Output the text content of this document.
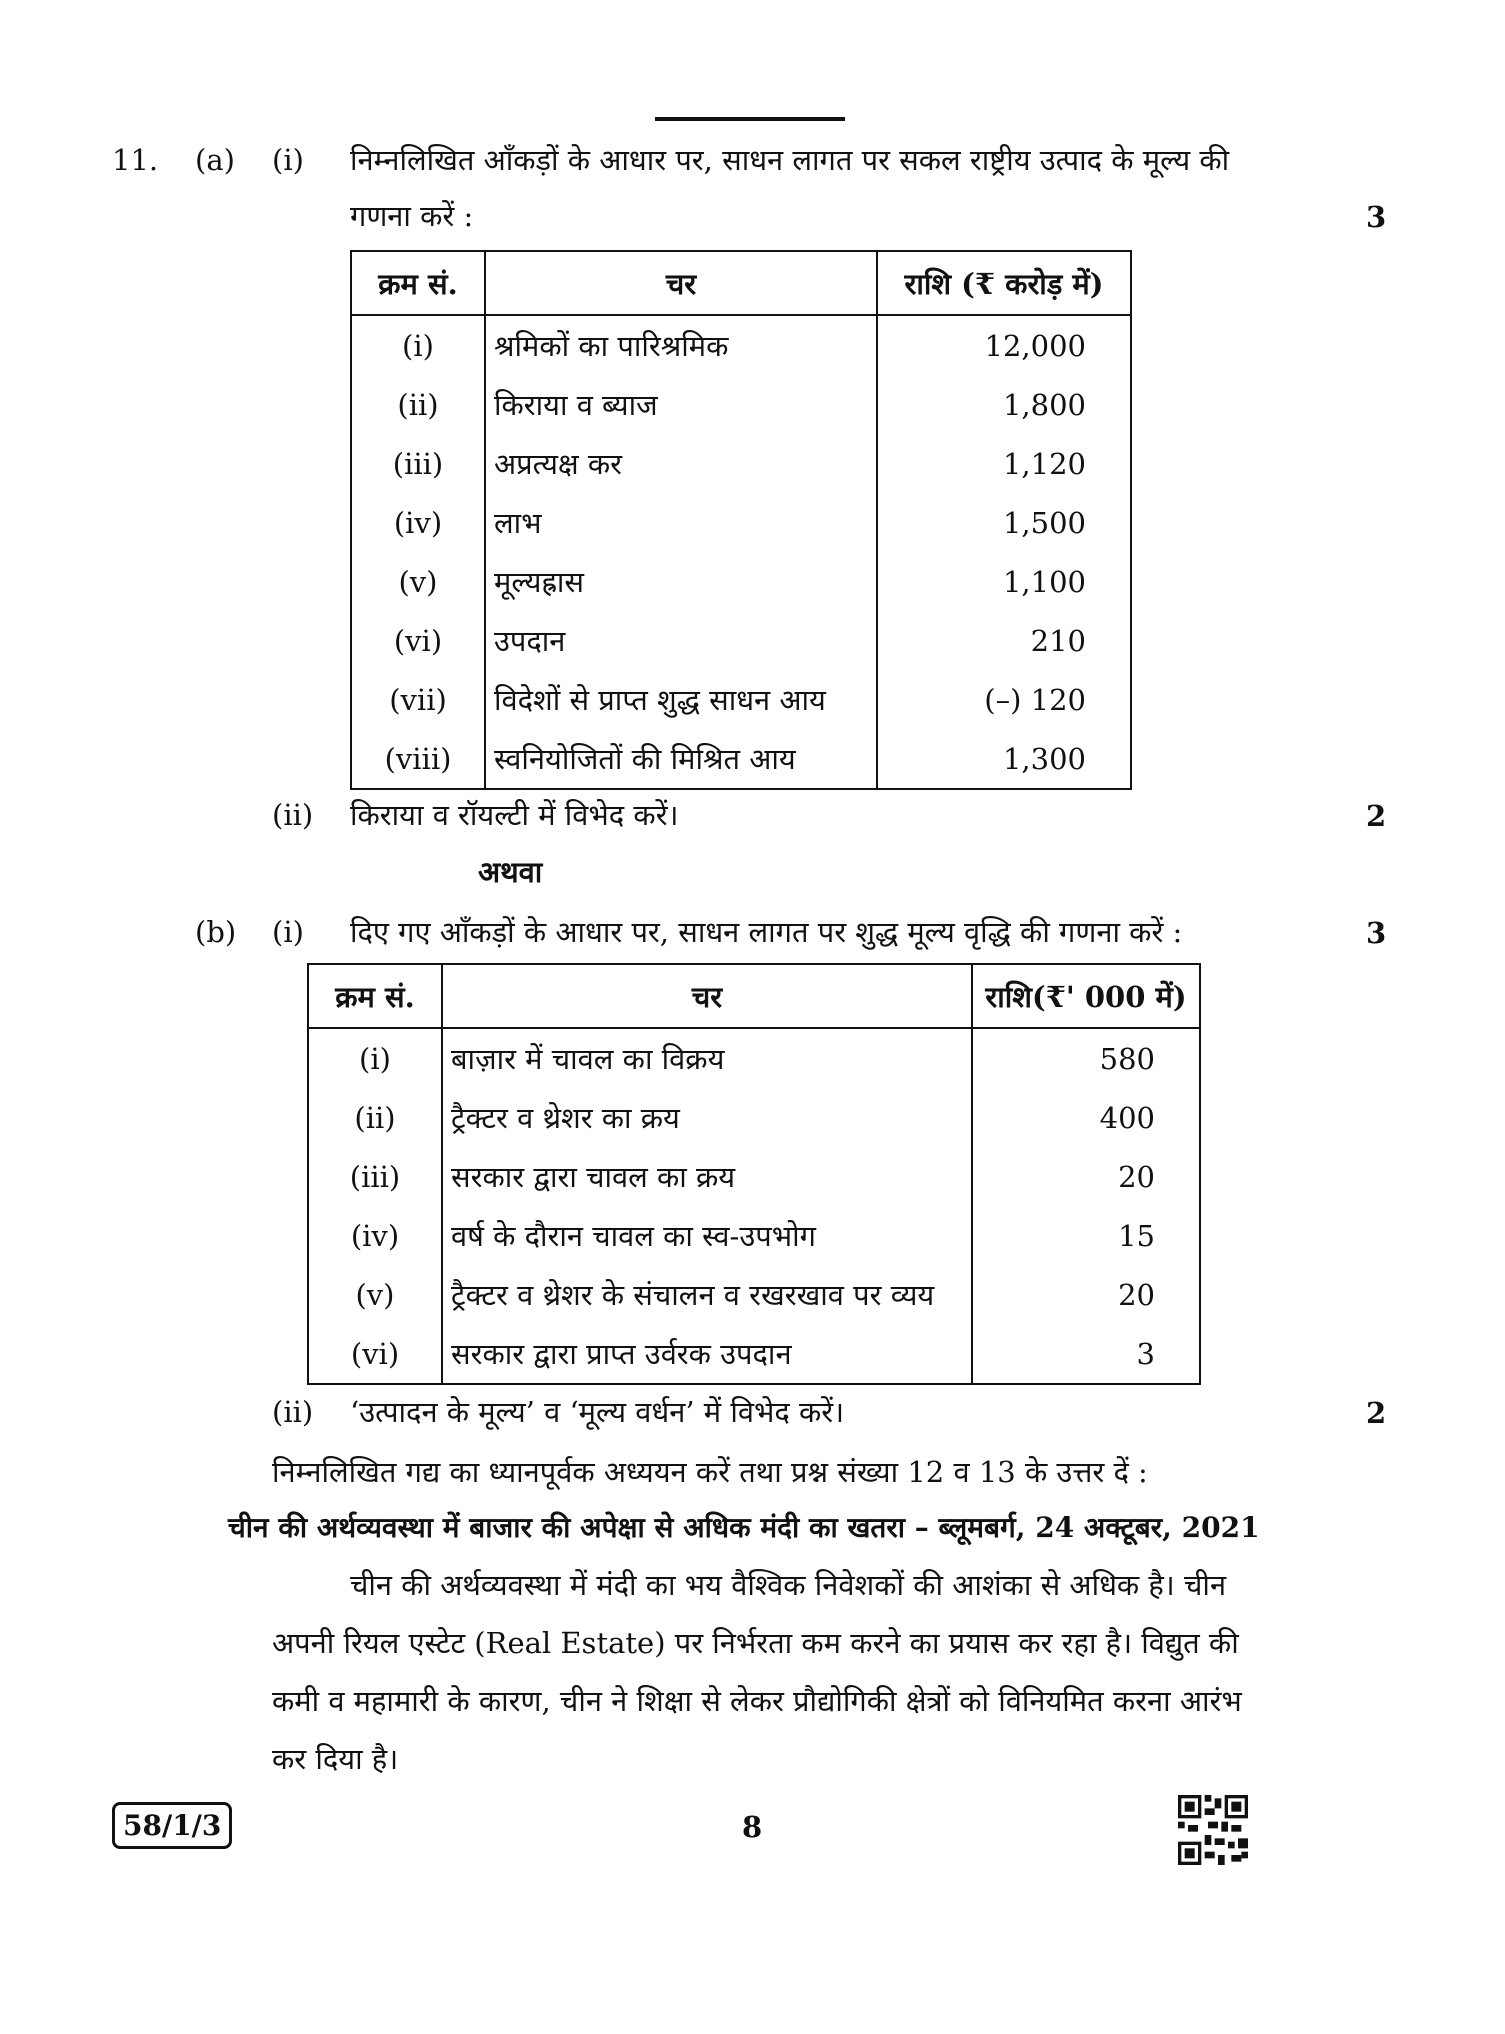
11. (a) (i) निम्नलिखित आँकड़ों के आधार पर, साधन लागत पर सकल राष्ट्रीय उत्पाद के मूल्य की
गणना करें :	3
क्रम सं.	चर	राशि (₹ करोड़ में)
(i)	श्रमिकों का पारिश्रमिक	12,000
(ii)	किराया व ब्याज	1,800
(iii)	अप्रत्यक्ष कर	1,120
(iv)	लाभ	1,500
(v)	मूल्यह्रास	1,100
(vi)	उपदान	210
(vii)	विदेशों से प्राप्त शुद्ध साधन आय	(–) 120
(viii)	स्वनियोजितों की मिश्रित आय	1,300
(ii) किराया व रॉयल्टी में विभेद करें।	2
अथवा
(b) (i) दिए गए आँकड़ों के आधार पर, साधन लागत पर शुद्ध मूल्य वृद्धि की गणना करें :	3
क्रम सं.	चर	राशि(₹' 000 में)
(i)	बाज़ार में चावल का विक्रय	580
(ii)	ट्रैक्टर व थ्रेशर का क्रय	400
(iii)	सरकार द्वारा चावल का क्रय	20
(iv)	वर्ष के दौरान चावल का स्व-उपभोग	15
(v)	ट्रैक्टर व थ्रेशर के संचालन व रखरखाव पर व्यय	20
(vi)	सरकार द्वारा प्राप्त उर्वरक उपदान	3
(ii) ‘उत्पादन के मूल्य’ व ‘मूल्य वर्धन’ में विभेद करें।	2
निम्नलिखित गद्य का ध्यानपूर्वक अध्ययन करें तथा प्रश्न संख्या 12 व 13 के उत्तर दें :
चीन की अर्थव्यवस्था में बाजार की अपेक्षा से अधिक मंदी का खतरा – ब्लूमबर्ग, 24 अक्टूबर, 2021
चीन की अर्थव्यवस्था में मंदी का भय वैश्विक निवेशकों की आशंका से अधिक है। चीन
अपनी रियल एस्टेट (Real Estate) पर निर्भरता कम करने का प्रयास कर रहा है। विद्युत की
कमी व महामारी के कारण, चीन ने शिक्षा से लेकर प्रौद्योगिकी क्षेत्रों को विनियमित करना आरंभ
कर दिया है।
58/1/3	8
